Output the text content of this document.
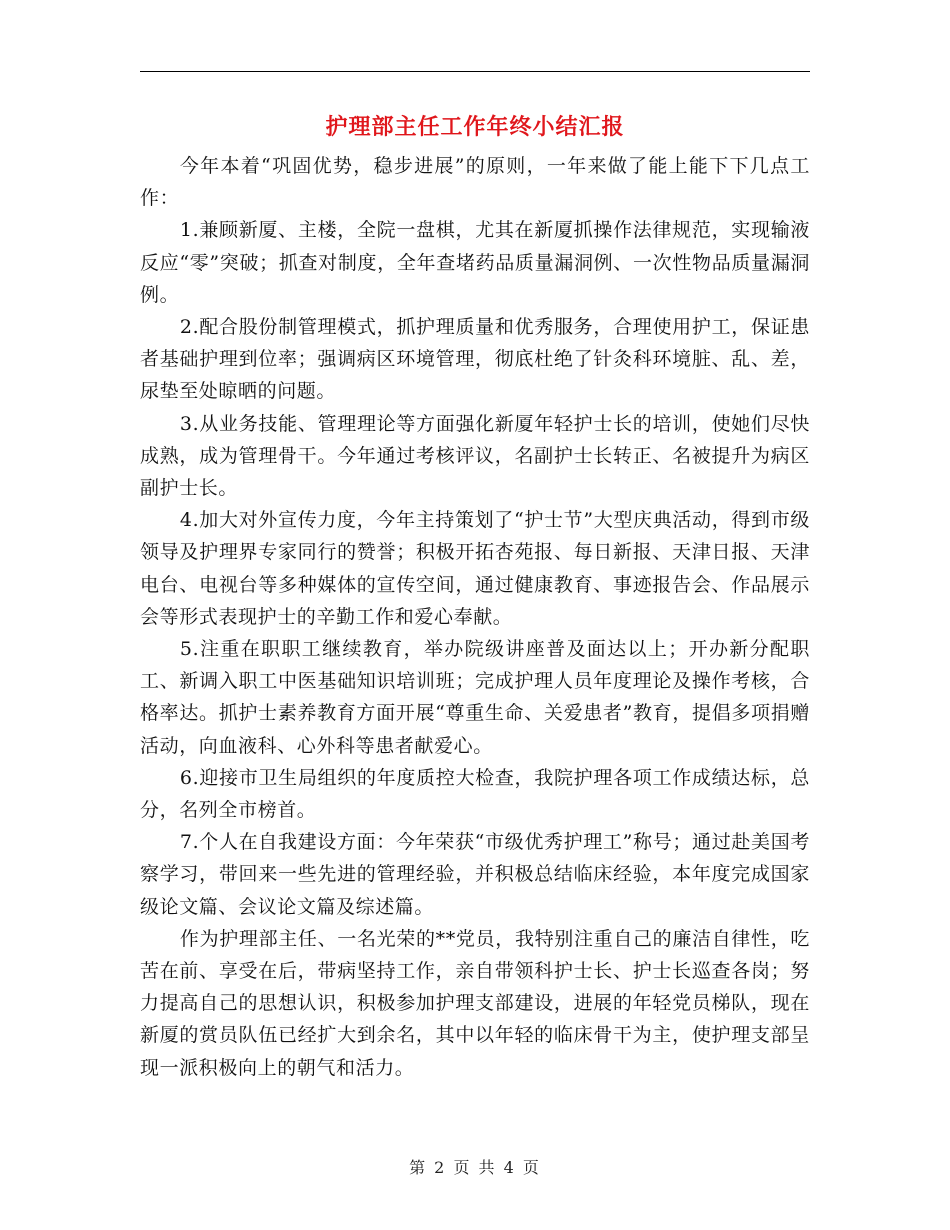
护理部主任工作年终小结汇报

今年本着“巩固优势，稳步进展”的原则，一年来做了能上能下下几点工作：

1.兼顾新厦、主楼，全院一盘棋，尤其在新厦抓操作法律规范，实现输液反应“零”突破；抓查对制度，全年查堵药品质量漏洞例、一次性物品质量漏洞例。

2.配合股份制管理模式，抓护理质量和优秀服务，合理使用护工，保证患者基础护理到位率；强调病区环境管理，彻底杜绝了针灸科环境脏、乱、差，尿垫至处晾晒的问题。

3.从业务技能、管理理论等方面强化新厦年轻护士长的培训，使她们尽快成熟，成为管理骨干。今年通过考核评议，名副护士长转正、名被提升为病区副护士长。

4.加大对外宣传力度，今年主持策划了“护士节”大型庆典活动，得到市级领导及护理界专家同行的赞誉；积极开拓杏苑报、每日新报、天津日报、天津电台、电视台等多种媒体的宣传空间，通过健康教育、事迹报告会、作品展示会等形式表现护士的辛勤工作和爱心奉献。

5.注重在职职工继续教育，举办院级讲座普及面达以上；开办新分配职工、新调入职工中医基础知识培训班；完成护理人员年度理论及操作考核，合格率达。抓护士素养教育方面开展“尊重生命、关爱患者”教育，提倡多项捐赠活动，向血液科、心外科等患者献爱心。

6.迎接市卫生局组织的年度质控大检查，我院护理各项工作成绩达标，总分，名列全市榜首。

7.个人在自我建设方面：今年荣获“市级优秀护理工”称号；通过赴美国考察学习，带回来一些先进的管理经验，并积极总结临床经验，本年度完成国家级论文篇、会议论文篇及综述篇。

作为护理部主任、一名光荣的**党员，我特别注重自己的廉洁自律性，吃苦在前、享受在后，带病坚持工作，亲自带领科护士长、护士长巡查各岗；努力提高自己的思想认识，积极参加护理支部建设，进展的年轻党员梯队，现在新厦的赏员队伍已经扩大到余名，其中以年轻的临床骨干为主，使护理支部呈现一派积极向上的朝气和活力。

第 2 页 共 4 页
